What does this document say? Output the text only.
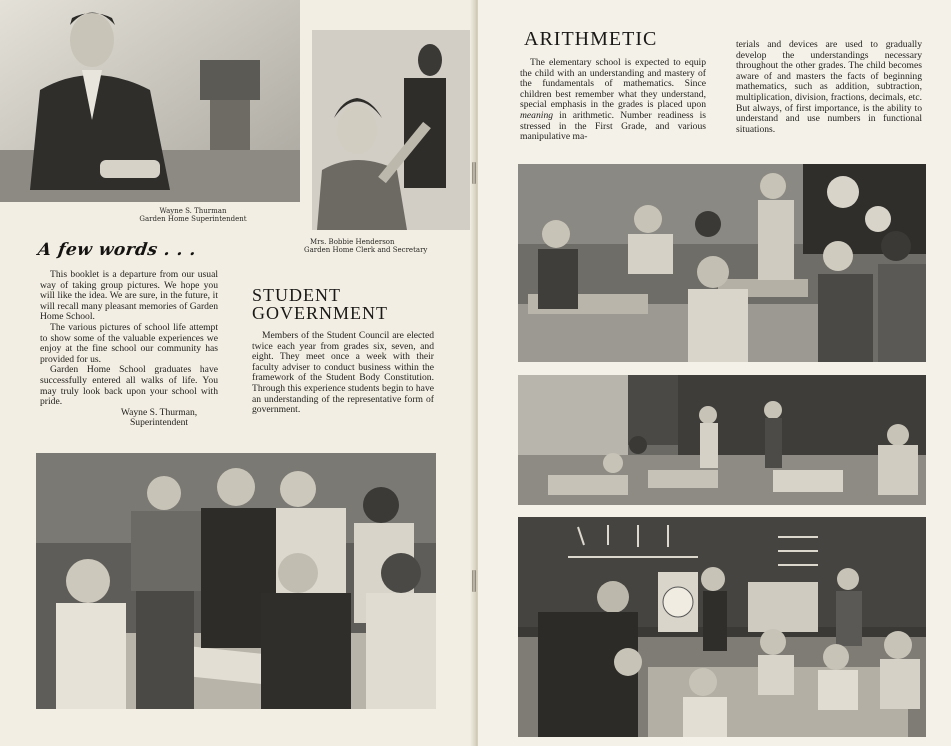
Wayne S. Thurman
Garden Home Superintendent
Mrs. Bobbie Henderson
Garden Home Clerk and Secretary
A few words . . .

This booklet is a departure from our usual way of taking group pictures. We hope you will like the idea. We are sure, in the future, it will recall many pleasant memories of Garden Home School.

The various pictures of school life attempt to show some of the valuable experiences we enjoy at the fine school our community has provided for us.

Garden Home School graduates have successfully entered all walks of life. You may truly look back upon your school with pride.

Wayne S. Thurman,

Superintendent

STUDENT
GOVERNMENT

Members of the Student Council are elected twice each year from grades six, seven, and eight. They meet once a week with their faculty adviser to conduct business within the framework of the Student Body Constitution. Through this experience students begin to have an understanding of the representative form of government.

ARITHMETIC

The elementary school is expected to equip the child with an understanding and mastery of the fundamentals of mathematics. Since children best remember what they understand, special emphasis in the grades is placed upon meaning in arithmetic. Number readiness is stressed in the First Grade, and various manipulative ma-

terials and devices are used to gradually develop the understandings necessary throughout the other grades. The child becomes aware of and masters the facts of beginning mathematics, such as addition, subtraction, multiplication, division, fractions, decimals, etc. But always, of first importance, is the ability to understand and use numbers in functional situations.
